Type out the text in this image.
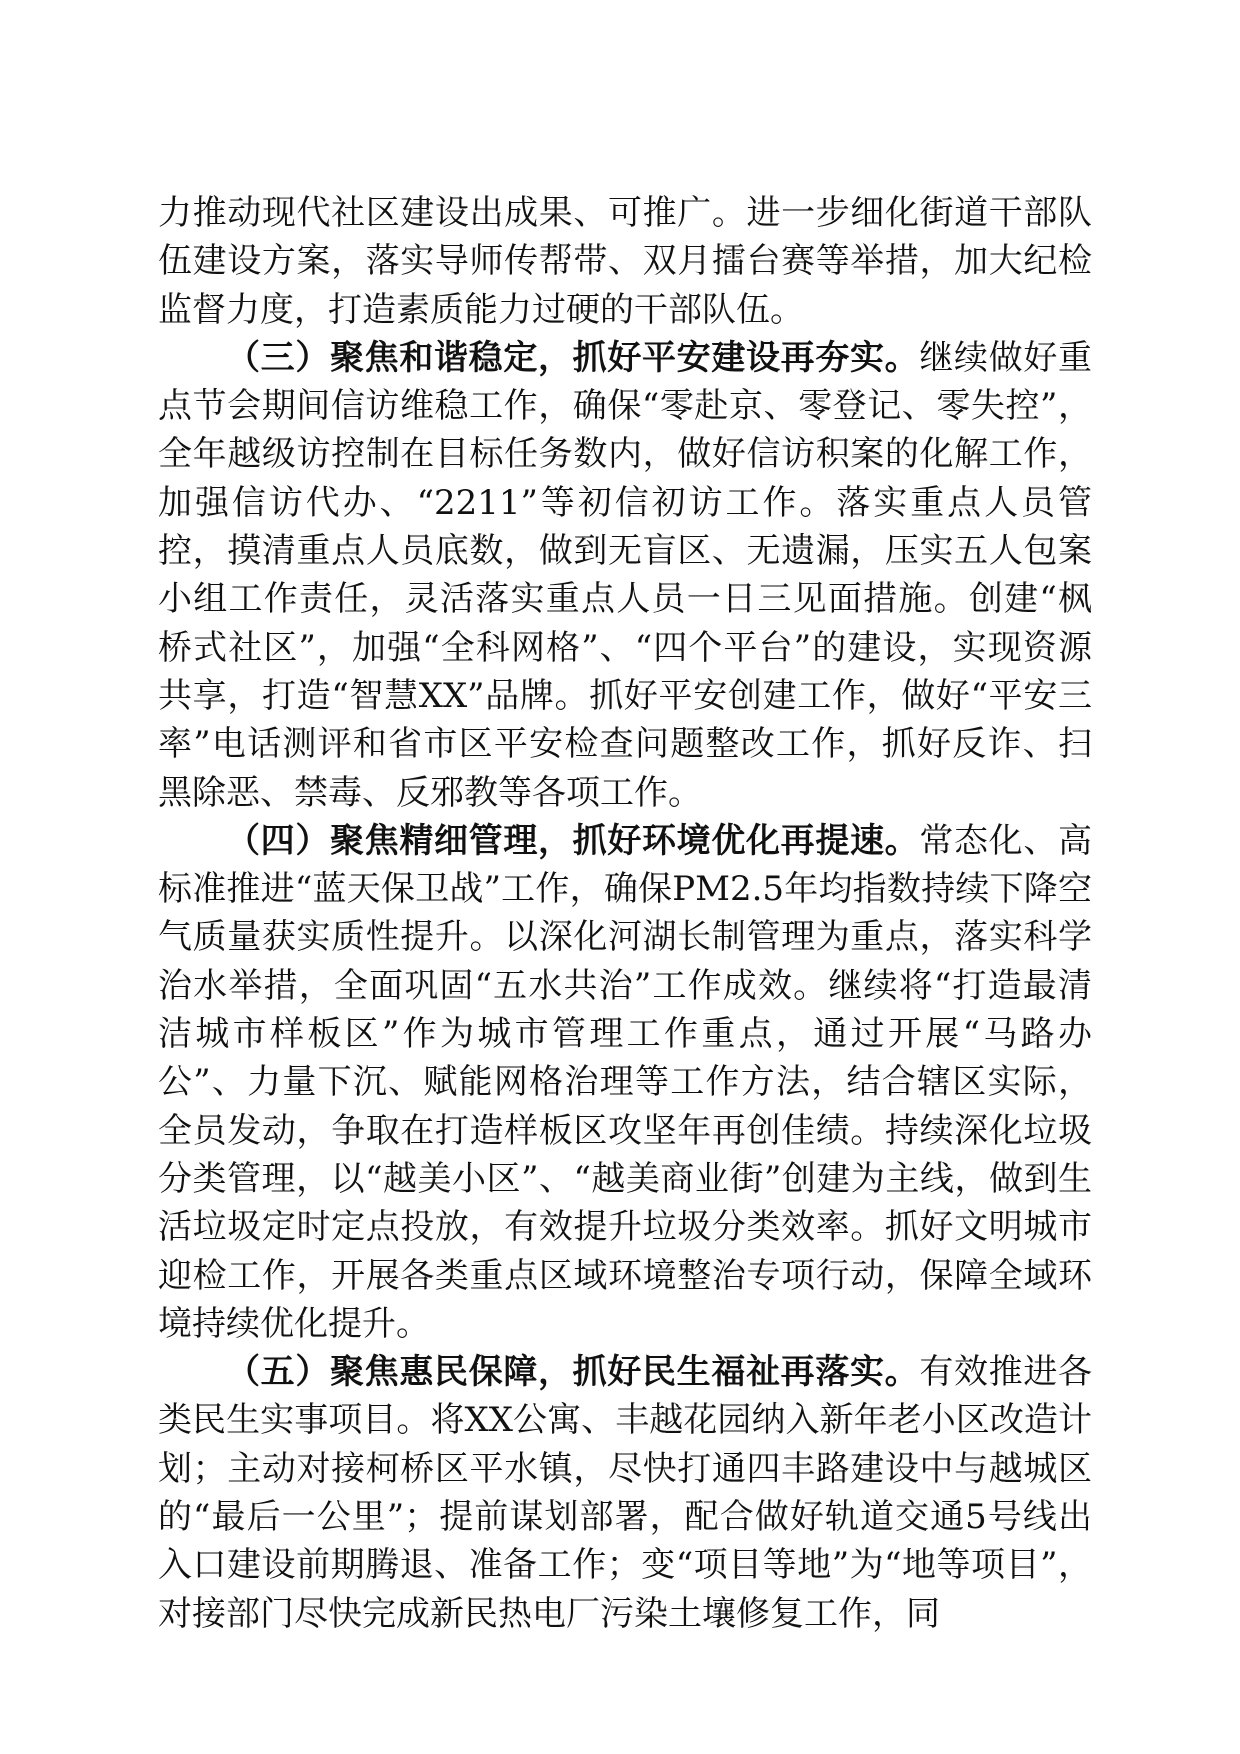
力推动现代社区建设出成果、可推广。进一步细化街道干部队伍建设方案，落实导师传帮带、双月擂台赛等举措，加大纪检监督力度，打造素质能力过硬的干部队伍。

（三）聚焦和谐稳定，抓好平安建设再夯实。继续做好重点节会期间信访维稳工作，确保“零赴京、零登记、零失控”，全年越级访控制在目标任务数内，做好信访积案的化解工作，加强信访代办、“2211”等初信初访工作。落实重点人员管控，摸清重点人员底数，做到无盲区、无遗漏，压实五人包案小组工作责任，灵活落实重点人员一日三见面措施。创建“枫桥式社区”，加强“全科网格”、“四个平台”的建设，实现资源共享，打造“智慧XX”品牌。抓好平安创建工作，做好“平安三率”电话测评和省市区平安检查问题整改工作，抓好反诈、扫黑除恶、禁毒、反邪教等各项工作。

（四）聚焦精细管理，抓好环境优化再提速。常态化、高标准推进“蓝天保卫战”工作，确保PM2.5年均指数持续下降空气质量获实质性提升。以深化河湖长制管理为重点，落实科学治水举措，全面巩固“五水共治”工作成效。继续将“打造最清洁城市样板区”作为城市管理工作重点，通过开展“马路办公”、力量下沉、赋能网格治理等工作方法，结合辖区实际，全员发动，争取在打造样板区攻坚年再创佳绩。持续深化垃圾分类管理，以“越美小区”、“越美商业街”创建为主线，做到生活垃圾定时定点投放，有效提升垃圾分类效率。抓好文明城市迎检工作，开展各类重点区域环境整治专项行动，保障全域环境持续优化提升。

（五）聚焦惠民保障，抓好民生福祉再落实。有效推进各类民生实事项目。将XX公寓、丰越花园纳入新年老小区改造计划；主动对接柯桥区平水镇，尽快打通四丰路建设中与越城区的“最后一公里”；提前谋划部署，配合做好轨道交通5号线出入口建设前期腾退、准备工作；变“项目等地”为“地等项目”，对接部门尽快完成新民热电厂污染土壤修复工作，同
